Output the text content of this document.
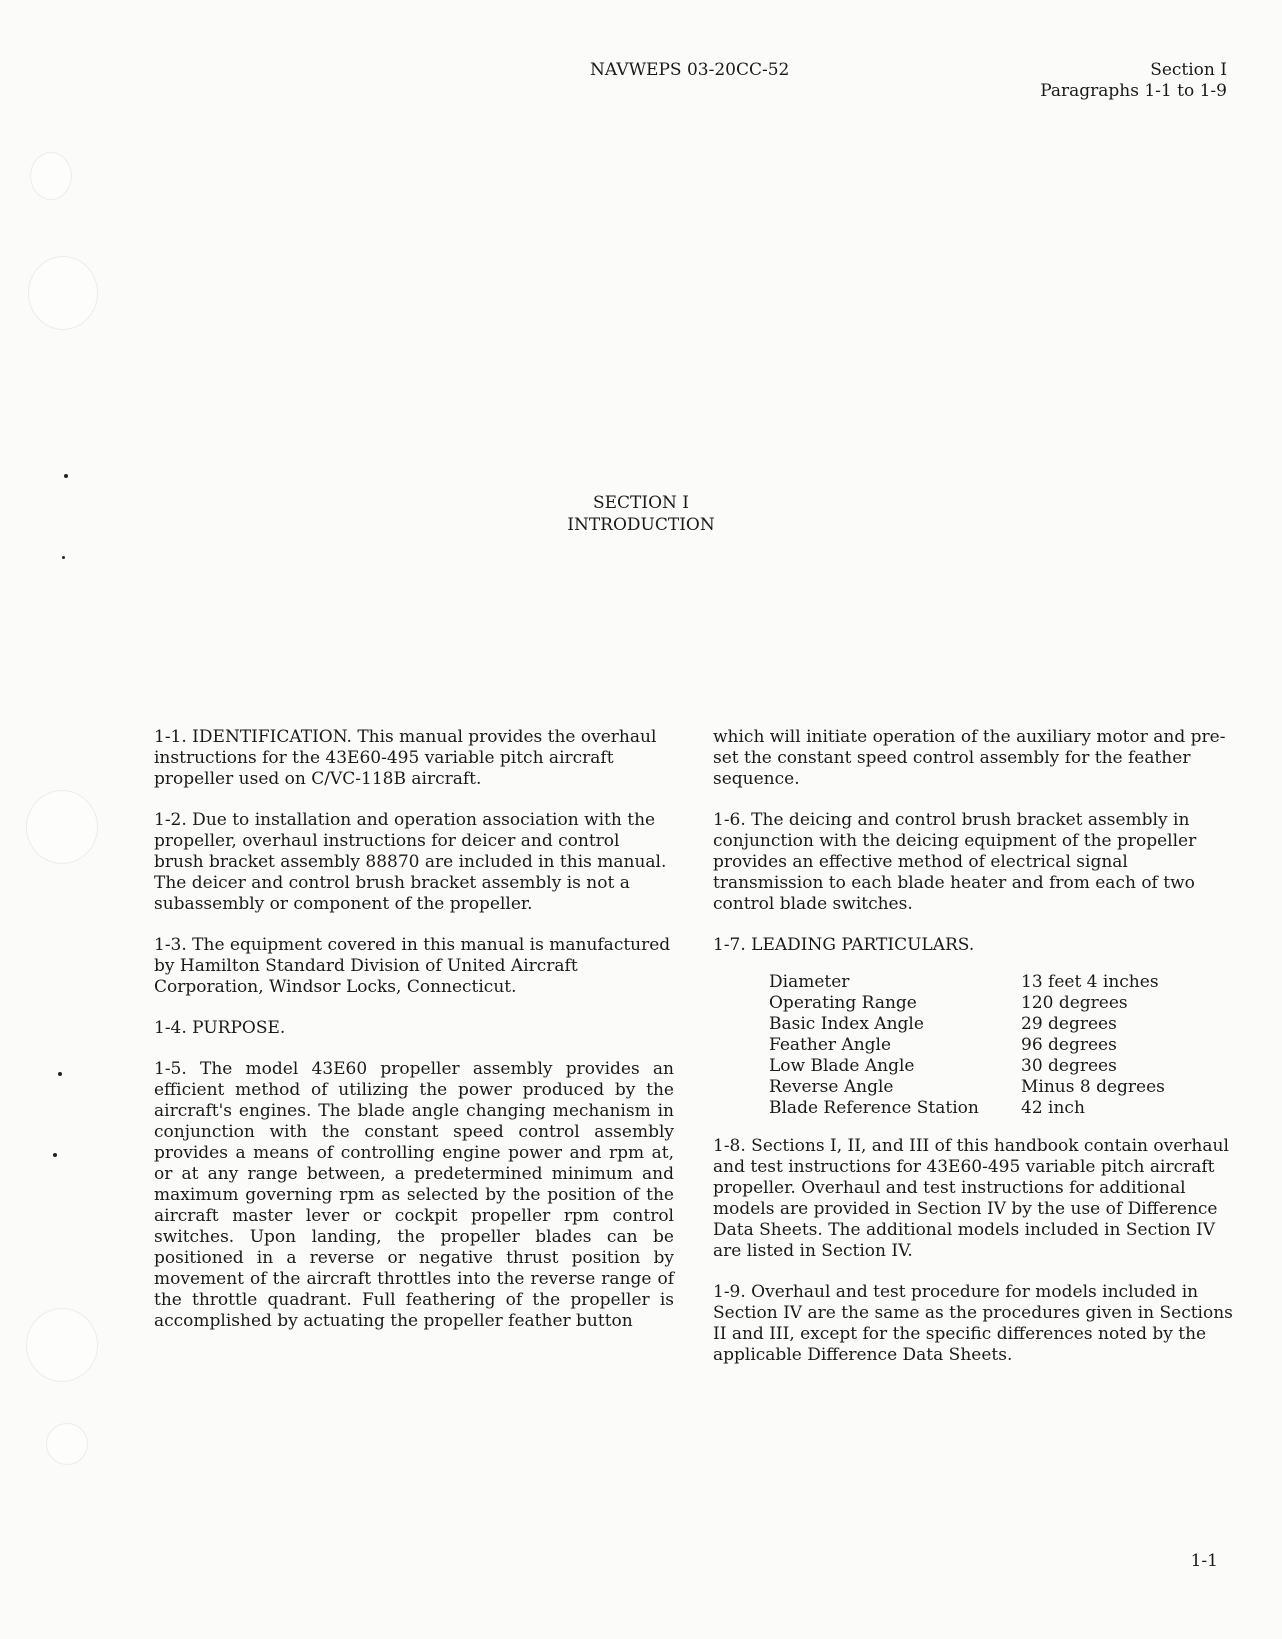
NAVWEPS 03-20CC-52	Section I
Paragraphs 1-1 to 1-9
SECTION I
INTRODUCTION

1-1. IDENTIFICATION. This manual provides the overhaul instructions for the 43E60-495 variable pitch aircraft propeller used on C/VC-118B aircraft.

1-2. Due to installation and operation association with the propeller, overhaul instructions for deicer and control brush bracket assembly 88870 are included in this manual. The deicer and control brush bracket assembly is not a subassembly or component of the propeller.

1-3. The equipment covered in this manual is manufactured by Hamilton Standard Division of United Aircraft Corporation, Windsor Locks, Connecticut.

1-4. PURPOSE.

1-5. The model 43E60 propeller assembly provides an efficient method of utilizing the power produced by the aircraft's engines. The blade angle changing mechanism in conjunction with the constant speed control assembly provides a means of controlling engine power and rpm at, or at any range between, a predetermined minimum and maximum governing rpm as selected by the position of the aircraft master lever or cockpit propeller rpm control switches. Upon landing, the propeller blades can be positioned in a reverse or negative thrust position by movement of the aircraft throttles into the reverse range of the throttle quadrant. Full feathering of the propeller is accomplished by actuating the propeller feather button

which will initiate operation of the auxiliary motor and pre-set the constant speed control assembly for the feather sequence.

1-6. The deicing and control brush bracket assembly in conjunction with the deicing equipment of the propeller provides an effective method of electrical signal transmission to each blade heater and from each of two control blade switches.

1-7. LEADING PARTICULARS.

Diameter	13 feet 4 inches
Operating Range	120 degrees
Basic Index Angle	29 degrees
Feather Angle	96 degrees
Low Blade Angle	30 degrees
Reverse Angle	Minus 8 degrees
Blade Reference Station	42 inch

1-8. Sections I, II, and III of this handbook contain overhaul and test instructions for 43E60-495 variable pitch aircraft propeller. Overhaul and test instructions for additional models are provided in Section IV by the use of Difference Data Sheets. The additional models included in Section IV are listed in Section IV.

1-9. Overhaul and test procedure for models included in Section IV are the same as the procedures given in Sections II and III, except for the specific differences noted by the applicable Difference Data Sheets.

1-1
